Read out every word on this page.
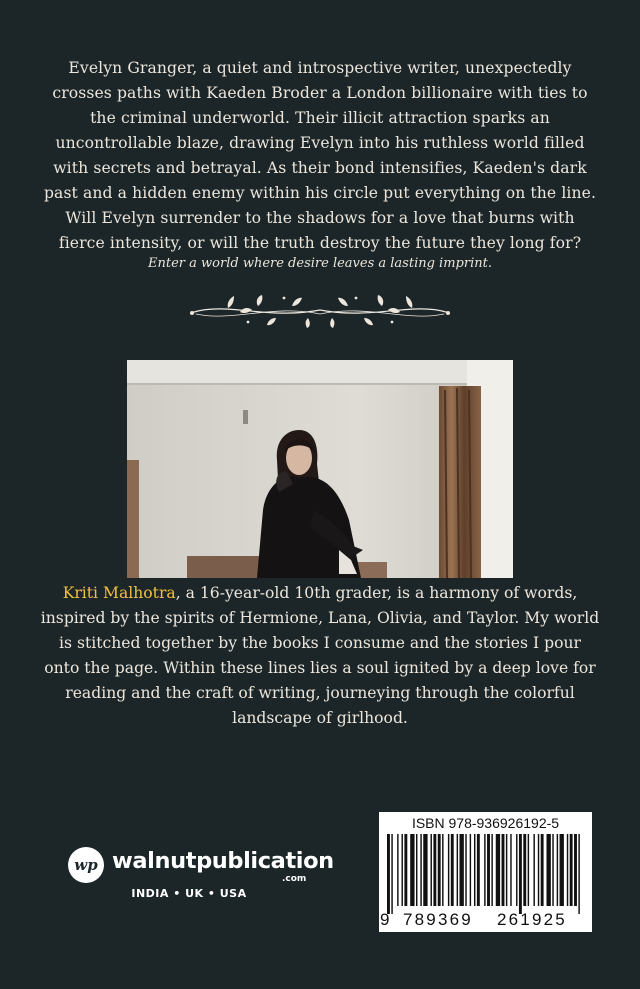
Evelyn Granger, a quiet and introspective writer, unexpectedly crosses paths with Kaeden Broder a London billionaire with ties to the criminal underworld. Their illicit attraction sparks an uncontrollable blaze, drawing Evelyn into his ruthless world filled with secrets and betrayal. As their bond intensifies, Kaeden's dark past and a hidden enemy within his circle put everything on the line. Will Evelyn surrender to the shadows for a love that burns with fierce intensity, or will the truth destroy the future they long for?
Enter a world where desire leaves a lasting imprint.
Kriti Malhotra, a 16-year-old 10th grader, is a harmony of words, inspired by the spirits of Hermione, Lana, Olivia, and Taylor. My world is stitched together by the books I consume and the stories I pour onto the page. Within these lines lies a soul ignited by a deep love for reading and the craft of writing, journeying through the colorful landscape of girlhood.
wp walnutpublication
.com
INDIA • UK • USA
ISBN 978-936926192-5
9 789369 261925
